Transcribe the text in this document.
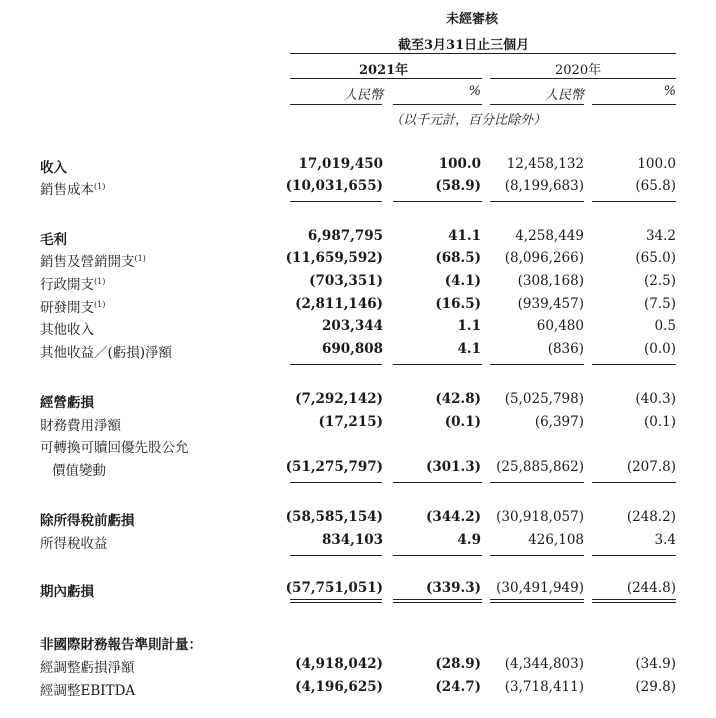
未經審核
截至3月31日止三個月
2021年	2020年
人民幣	%	人民幣	%
（以千元計，百分比除外）
收入	17,019,450	100.0 12,458,132	100.0
銷售成本$^{(1)}$	(10,031,655)	(58.9) (8,199,683)	(65.8)
毛利	6,987,795	41.1	4,258,449	34.2
銷售及營銷開支$^{(1)}$	(11,659,592)	(68.5) (8,096,266)	(65.0)
行政開支$^{(1)}$	(703,351)	(4.1)	(308,168)	(2.5)
研發開支$^{(1)}$	(2,811,146)	(16.5)	(939,457)	(7.5)
其他收入	203,344	1.1	60,480	0.5
其他收益／(虧損)淨額	690,808	4.1	(836)	(0.0)
經營虧損	(7,292,142)	(42.8) (5,025,798)	(40.3)
財務費用淨額	(17,215)	(0.1)	(6,397)	(0.1)
可轉換可贖回優先股公允
價值變動	(51,275,797)	(301.3) (25,885,862)	(207.8)
除所得稅前虧損	(58,585,154)	(344.2) (30,918,057)	(248.2)
所得稅收益	834,103	4.9	426,108	3.4
期內虧損	(57,751,051)	(339.3) (30,491,949)	(244.8)
非國際財務報告準則計量：
經調整虧損淨額	(4,918,042)	(28.9) (4,344,803)	(34.9)
經調整EBITDA	(4,196,625)	(24.7) (3,718,411)	(29.8)
